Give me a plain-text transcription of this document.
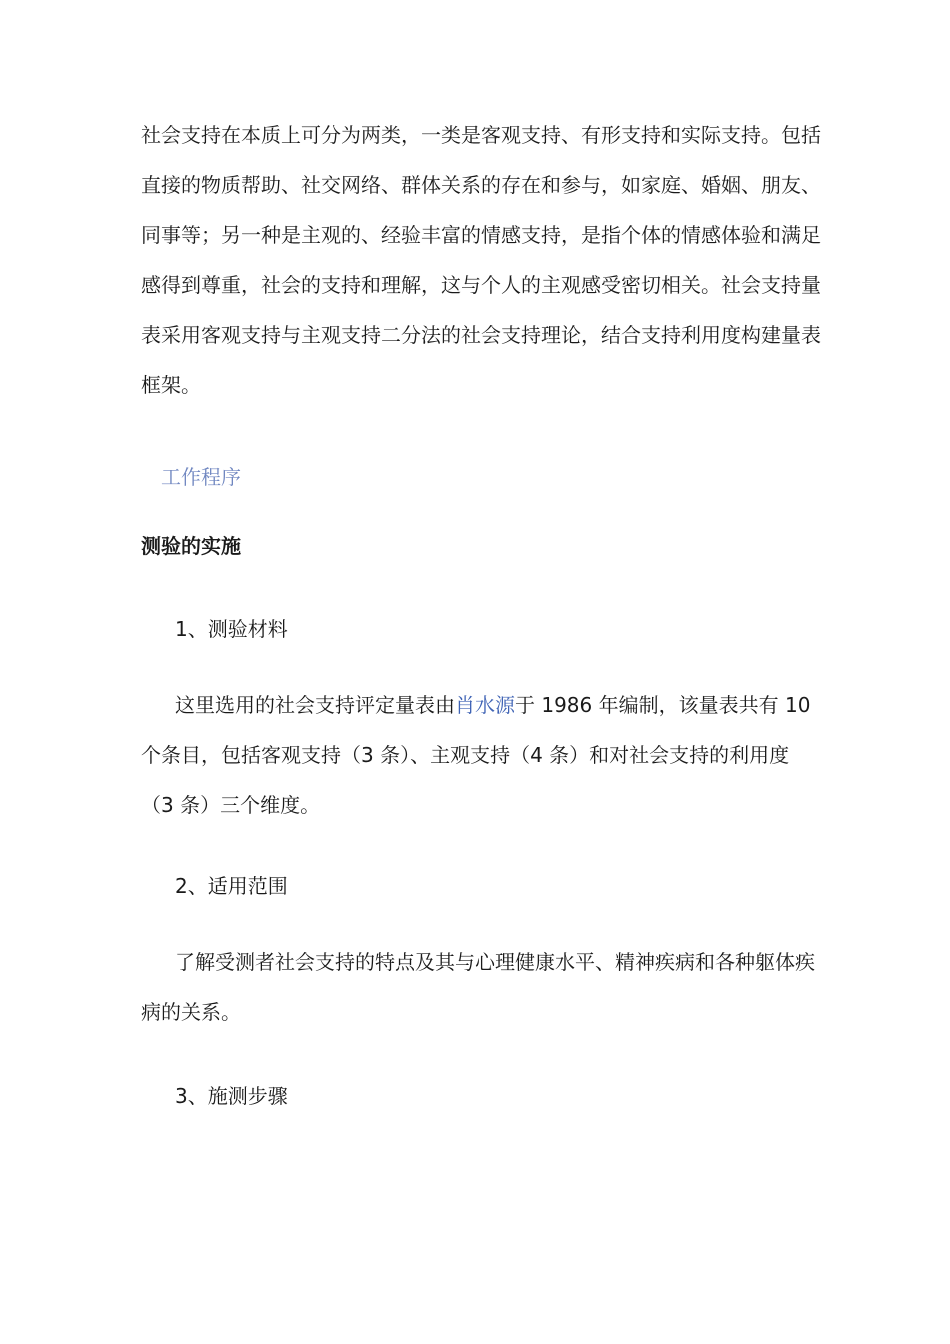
社会支持在本质上可分为两类，一类是客观支持、有形支持和实际支持。包括直接的物质帮助、社交网络、群体关系的存在和参与，如家庭、婚姻、朋友、同事等；另一种是主观的、经验丰富的情感支持，是指个体的情感体验和满足感得到尊重，社会的支持和理解，这与个人的主观感受密切相关。社会支持量表采用客观支持与主观支持二分法的社会支持理论，结合支持利用度构建量表框架。

工作程序
测验的实施

1、测验材料

这里选用的社会支持评定量表由肖水源于 1986 年编制，该量表共有 10 个条目，包括客观支持（3 条）、主观支持（4 条）和对社会支持的利用度（3 条）三个维度。

2、适用范围

了解受测者社会支持的特点及其与心理健康水平、精神疾病和各种躯体疾病的关系。

3、施测步骤
